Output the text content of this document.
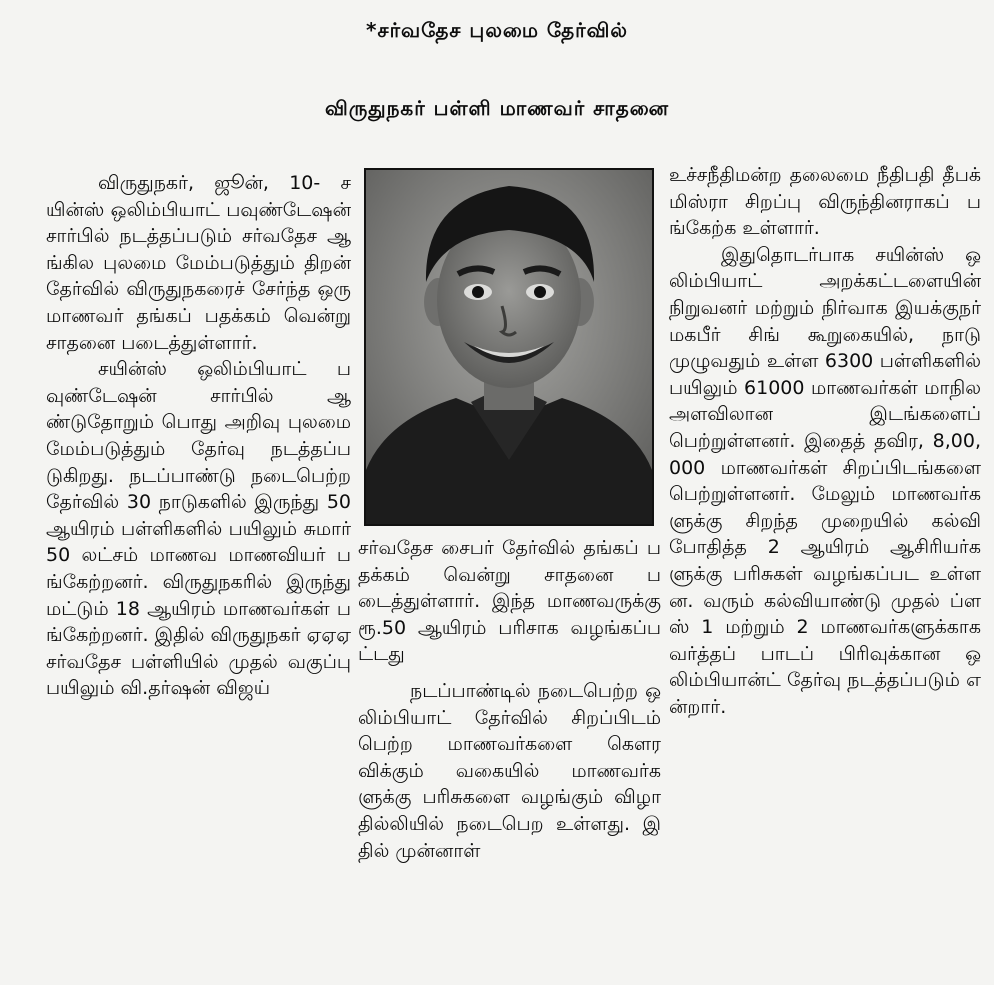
*சர்வதேச புலமை தேர்வில்
விருதுநகர் பள்ளி மாணவர் சாதனை

விருதுநகர், ஜூன், 10- சயின்ஸ் ஒலிம்பியாட் பவுண்டேஷன் சார்பில் நடத்தப்படும் சர்வதேச ஆங்கில புலமை மேம்படுத்தும் திறன் தேர்வில் விருதுநகரைச் சேர்ந்த ஒரு மாணவர் தங்கப் பதக்கம் வென்று சாதனை படைத்துள்ளார்.

சயின்ஸ் ஒலிம்பியாட் பவுண்டேஷன் சார்பில் ஆண்டுதோறும் பொது அறிவு புலமை மேம்படுத்தும் தேர்வு நடத்தப்படுகிறது. நடப்பாண்டு நடைபெற்ற தேர்வில் 30 நாடுகளில் இருந்து 50 ஆயிரம் பள்ளிகளில் பயிலும் சுமார் 50 லட்சம் மாணவ மாணவியர் பங்கேற்றனர். விருதுநகரில் இருந்து மட்டும் 18 ஆயிரம் மாணவர்கள் பங்கேற்றனர். இதில் விருதுநகர் ஏஏஏ சர்வதேச பள்ளியில் முதல் வகுப்பு பயிலும் வி.தர்ஷன் விஜய்

சர்வதேச சைபர் தேர்வில் தங்கப் பதக்கம் வென்று சாதனை படைத்துள்ளார். இந்த மாணவருக்கு ரூ.50 ஆயிரம் பரிசாக வழங்கப்பட்டது

நடப்பாண்டில் நடைபெற்ற ஒலிம்பியாட் தேர்வில் சிறப்பிடம் பெற்ற மாணவர்களை கௌரவிக்கும் வகையில் மாணவர்களுக்கு பரிசுகளை வழங்கும் விழா தில்லியில் நடைபெற உள்ளது. இதில் முன்னாள்

உச்சநீதிமன்ற தலைமை நீதிபதி தீபக் மிஸ்ரா சிறப்பு விருந்தினராகப் பங்கேற்க உள்ளார்.

இதுதொடர்பாக சயின்ஸ் ஒலிம்பியாட் அறக்கட்டளையின் நிறுவனர் மற்றும் நிர்வாக இயக்குநர் மகபீர் சிங் கூறுகையில், நாடு முழுவதும் உள்ள 6300 பள்ளிகளில் பயிலும் 61000 மாணவர்கள் மாநில அளவிலான இடங்களைப் பெற்றுள்ளனர். இதைத் தவிர, 8,00,000 மாணவர்கள் சிறப்பிடங்களை பெற்றுள்ளனர். மேலும் மாணவர்களுக்கு சிறந்த முறையில் கல்வி போதித்த 2 ஆயிரம் ஆசிரியர்களுக்கு பரிசுகள் வழங்கப்பட உள்ளன. வரும் கல்வியாண்டு முதல் ப்ளஸ் 1 மற்றும் 2 மாணவர்களுக்காக வர்த்தப் பாடப் பிரிவுக்கான ஒலிம்பியான்ட் தேர்வு நடத்தப்படும் என்றார்.
